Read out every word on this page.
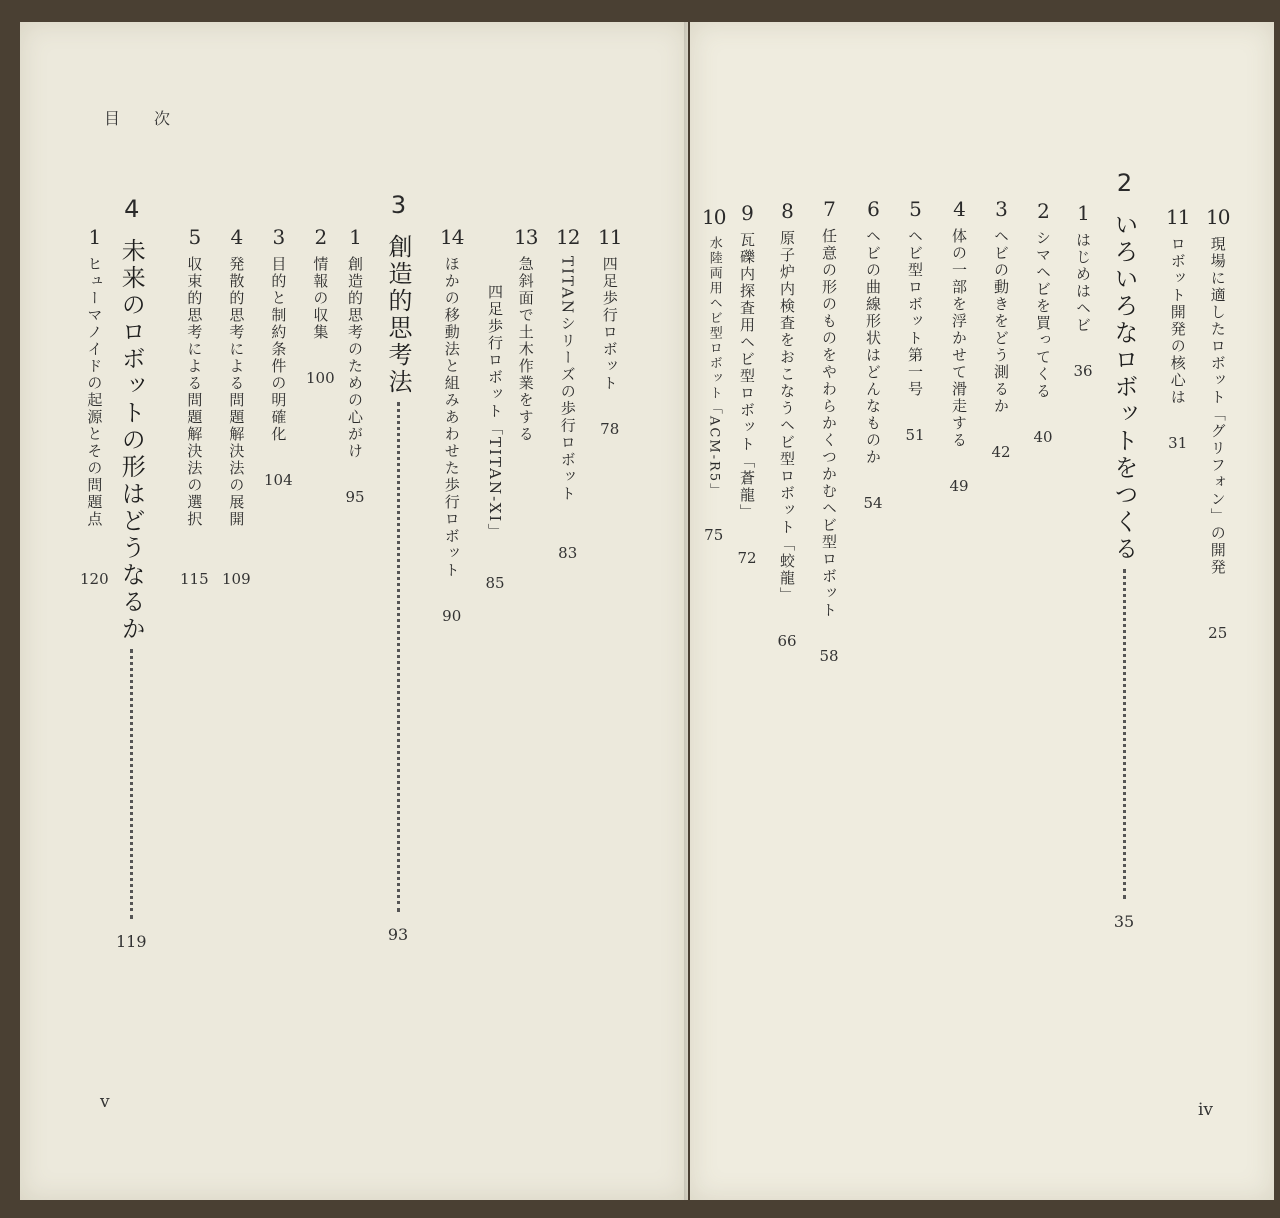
目次
4
未来のロボットの形はどうなるか
119
1
ヒューマノイドの起源とその問題点
120
5
収束的思考による問題解決法の選択
115
4
発散的思考による問題解決法の展開
109
3
目的と制約条件の明確化
104
2
情報の収集
100
1
創造的思考のための心がけ
95
3
創造的思考法
93
14
ほかの移動法と組みあわせた歩行ロボット
90
13
急斜面で土木作業をする
四足歩行ロボット「TITAN-XI」
85
12
TITANシリーズの歩行ロボット
83
11
四足歩行ロボット
78
v
10
水陸両用ヘビ型ロボット「ACM-R5」
75
9
瓦礫内探査用ヘビ型ロボット「蒼龍」
72
8
原子炉内検査をおこなうヘビ型ロボット「蛟龍」
66
7
任意の形のものをやわらかくつかむヘビ型ロボット
58
6
ヘビの曲線形状はどんなものか
54
5
ヘビ型ロボット第一号
51
4
体の一部を浮かせて滑走する
49
3
ヘビの動きをどう測るか
42
2
シマヘビを買ってくる
40
1
はじめはヘビ
36
2
いろいろなロボットをつくる
35
11
ロボット開発の核心は
31
10
現場に適したロボット「グリフォン」の開発
25
iv
